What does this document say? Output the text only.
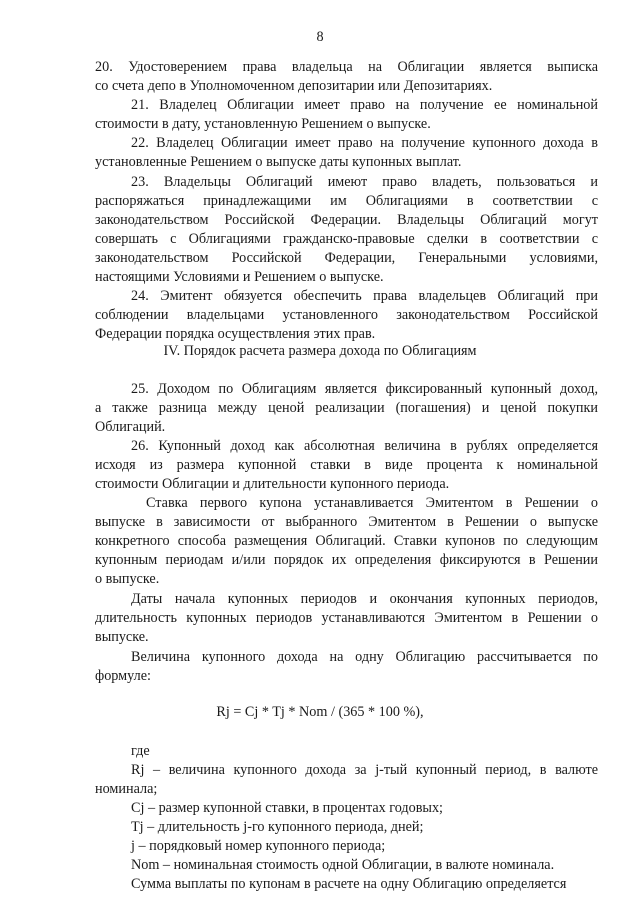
8
20. Удостоверением права владельца на Облигации является выписка
со счета депо в Уполномоченном депозитарии или Депозитариях.
21. Владелец Облигации имеет право на получение ее номинальной
стоимости в дату, установленную Решением о выпуске.
22. Владелец Облигации имеет право на получение купонного дохода в
установленные Решением о выпуске даты купонных выплат.
23. Владельцы Облигаций имеют право владеть, пользоваться и
распоряжаться принадлежащими им Облигациями в соответствии с
законодательством Российской Федерации. Владельцы Облигаций могут
совершать с Облигациями гражданско-правовые сделки в соответствии с
законодательством Российской Федерации, Генеральными условиями,
настоящими Условиями и Решением о выпуске.
24. Эмитент обязуется обеспечить права владельцев Облигаций при
соблюдении владельцами установленного законодательством Российской
Федерации порядка осуществления этих прав.
IV. Порядок расчета размера дохода по Облигациям
25. Доходом по Облигациям является фиксированный купонный доход,
а также разница между ценой реализации (погашения) и ценой покупки
Облигаций.
26. Купонный доход как абсолютная величина в рублях определяется
исходя из размера купонной ставки в виде процента к номинальной
стоимости Облигации и длительности купонного периода.
Ставка первого купона устанавливается Эмитентом в Решении о
выпуске в зависимости от выбранного Эмитентом в Решении о выпуске
конкретного способа размещения Облигаций. Ставки купонов по следующим
купонным периодам и/или порядок их определения фиксируются в Решении
о выпуске.
Даты начала купонных периодов и окончания купонных периодов,
длительность купонных периодов устанавливаются Эмитентом в Решении о
выпуске.
Величина купонного дохода на одну Облигацию рассчитывается по
формуле:
Rj = Cj * Tj * Nom / (365 * 100 %),
где
Rj – величина купонного дохода за j-тый купонный период, в валюте
номинала;
Cj – размер купонной ставки, в процентах годовых;
Tj – длительность j-го купонного периода, дней;
j – порядковый номер купонного периода;
Nom – номинальная стоимость одной Облигации, в валюте номинала.
Сумма выплаты по купонам в расчете на одну Облигацию определяется
